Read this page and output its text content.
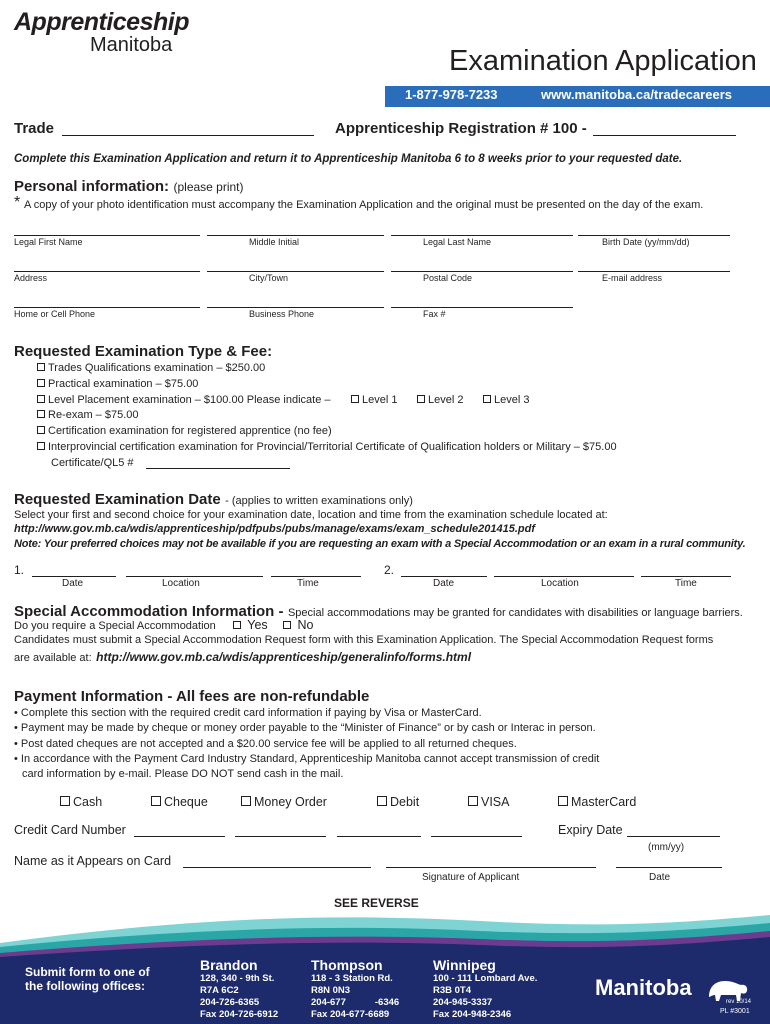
Apprenticeship
Manitoba	Examination Application
1-877-978-7233	www.manitoba.ca/tradecareers
Trade	Apprenticeship Registration # 100 -
Complete this Examination Application and return it to Apprenticeship Manitoba 6 to 8 weeks prior to your requested date.
Personal information: (please print)
* A copy of your photo identification must accompany the Examination Application and the original must be presented on the day of the exam.
Legal First Name	Middle Initial	Legal Last Name	Birth Date (yy/mm/dd)
Address	City/Town	Postal Code	E-mail address
Home or Cell Phone	Business Phone	Fax #
Requested Examination Type & Fee:
Trades Qualifications examination – $250.00
Practical examination – $75.00
Level Placement examination – $100.00 Please indicate –	Level 1	Level 2	Level 3
Re-exam – $75.00
Certification examination for registered apprentice (no fee)
Interprovincial certification examination for Provincial/Territorial Certificate of Qualification holders or Military – $75.00
Certificate/QL5 #
Requested Examination Date - (applies to written examinations only)
Select your first and second choice for your examination date, location and time from the examination schedule located at:
http://www.gov.mb.ca/wdis/apprenticeship/pdfpubs/pubs/manage/exams/exam_schedule201415.pdf
Note: Your preferred choices may not be available if you are requesting an exam with a Special Accommodation or an exam in a rural community.
1.
Date	Location	Time
2.
Date	Location	Time
Special Accommodation Information - Special accommodations may be granted for candidates with disabilities or language barriers.
Do you require a Special Accommodation	Yes	No
Candidates must submit a Special Accommodation Request form with this Examination Application. The Special Accommodation Request forms
are available at: http://www.gov.mb.ca/wdis/apprenticeship/generalinfo/forms.html
Payment Information - All fees are non-refundable
• Complete this section with the required credit card information if paying by Visa or MasterCard.
• Payment may be made by cheque or money order payable to the “Minister of Finance” or by cash or Interac in person.
• Post dated cheques are not accepted and a $20.00 service fee will be applied to all returned cheques.
• In accordance with the Payment Card Industry Standard, Apprenticeship Manitoba cannot accept transmission of credit
card information by e-mail. Please DO NOT send cash in the mail.
Cash	Cheque	Money Order	Debit	VISA	MasterCard
Credit Card Number	Expiry Date
(mm/yy)
Name as it Appears on Card
Signature of Applicant	Date
SEE REVERSE
Submit form to one of
the following offices:
Brandon
128, 340 - 9th St.
R7A 6C2
204-726-6365
Fax 204-726-6912
Thompson
118 - 3 Station Rd.
R8N 0N3
204-677           -6346
Fax 204-677-6689
Winnipeg
100 - 111 Lombard Ave.
R3B 0T4
204-945-3337
Fax 204-948-2346
Manitoba
rev 10/14
PL #3001
